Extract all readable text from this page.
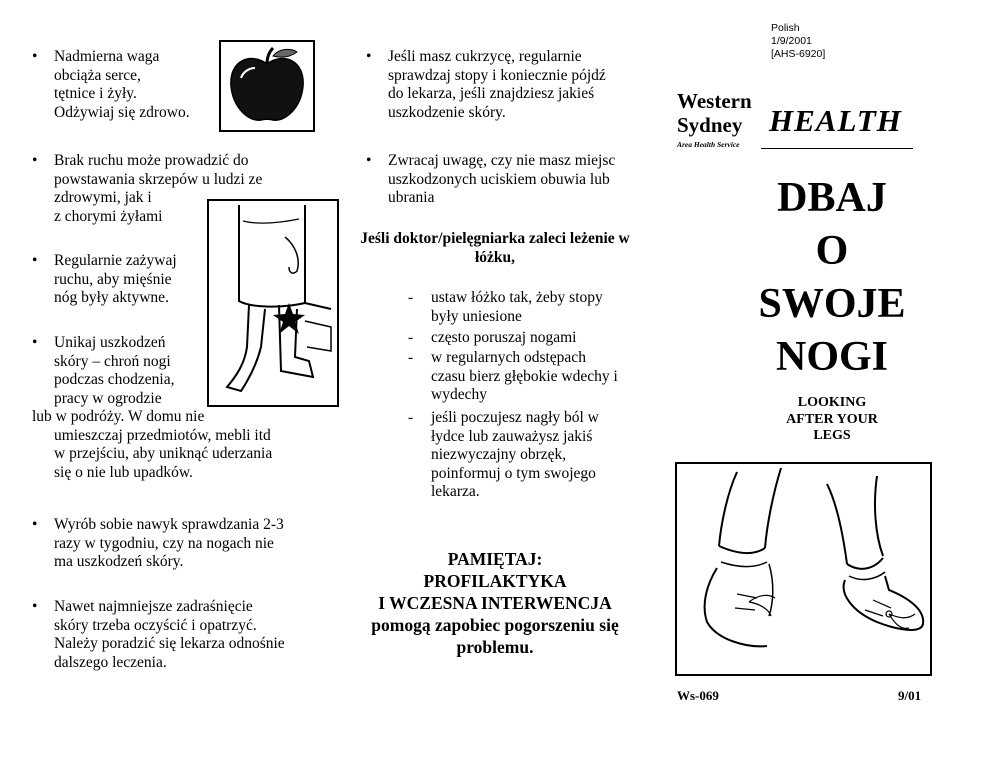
•	Nadmierna waga
obciąża serce,
tętnice i żyły.
Odżywiaj się zdrowo.
•	Brak ruchu może prowadzić do
powstawania skrzepów u ludzi ze
zdrowymi, jak i
z chorymi żyłami
•	Regularnie zażywaj
ruchu, aby mięśnie
nóg były aktywne.
•	Unikaj uszkodzeń
skóry – chroń nogi
podczas chodzenia,
pracy w ogrodzie
lub w podróży. W domu nie
umieszczaj przedmiotów, mebli itd
w przejściu, aby uniknąć uderzania
się o nie lub upadków.
•	Wyrób sobie nawyk sprawdzania 2-3
razy w tygodniu, czy na nogach nie
ma uszkodzeń skóry.
•	Nawet najmniejsze zadraśnięcie
skóry trzeba oczyścić i opatrzyć.
Należy poradzić się lekarza odnośnie
dalszego leczenia.
•	Jeśli masz cukrzycę, regularnie
sprawdzaj stopy i koniecznie pójdź
do lekarza, jeśli znajdziesz jakieś
uszkodzenie skóry.
•	Zwracaj uwagę, czy nie masz miejsc
uszkodzonych uciskiem obuwia lub
ubrania
Jeśli doktor/pielęgniarka zaleci leżenie w
łóżku,
- ustaw łóżko tak, żeby stopy
były uniesione
- często poruszaj nogami
- w regularnych odstępach
czasu bierz głębokie wdechy i
wydechy
- jeśli poczujesz nagły ból w
łydce lub zauważysz jakiś
niezwyczajny obrzęk,
poinformuj o tym swojego
lekarza.
PAMIĘTAJ:
PROFILAKTYKA
I WCZESNA INTERWENCJA
pomogą zapobiec pogorszeniu się
problemu.
Polish
1/9/2001
[AHS-6920]
Western
Sydney HEALTH
Area Health Service
DBAJ
O
SWOJE
NOGI
LOOKING
AFTER YOUR
LEGS
Ws-069	9/01
